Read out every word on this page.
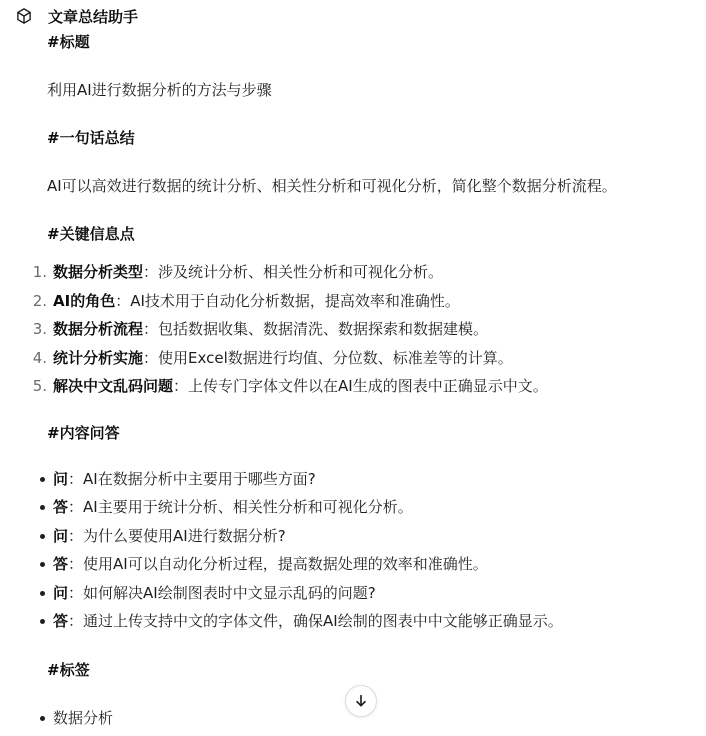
文章总结助手
#标题
利用AI进行数据分析的方法与步骤
#一句话总结
AI可以高效进行数据的统计分析、相关性分析和可视化分析，简化整个数据分析流程。
#关键信息点
1. 数据分析类型：涉及统计分析、相关性分析和可视化分析。
2. AI的角色：AI技术用于自动化分析数据，提高效率和准确性。
3. 数据分析流程：包括数据收集、数据清洗、数据探索和数据建模。
4. 统计分析实施：使用Excel数据进行均值、分位数、标准差等的计算。
5. 解决中文乱码问题：上传专门字体文件以在AI生成的图表中正确显示中文。
#内容问答
问：AI在数据分析中主要用于哪些方面?
答：AI主要用于统计分析、相关性分析和可视化分析。
问：为什么要使用AI进行数据分析?
答：使用AI可以自动化分析过程，提高数据处理的效率和准确性。
问：如何解决AI绘制图表时中文显示乱码的问题?
答：通过上传支持中文的字体文件，确保AI绘制的图表中中文能够正确显示。
#标签
数据分析
